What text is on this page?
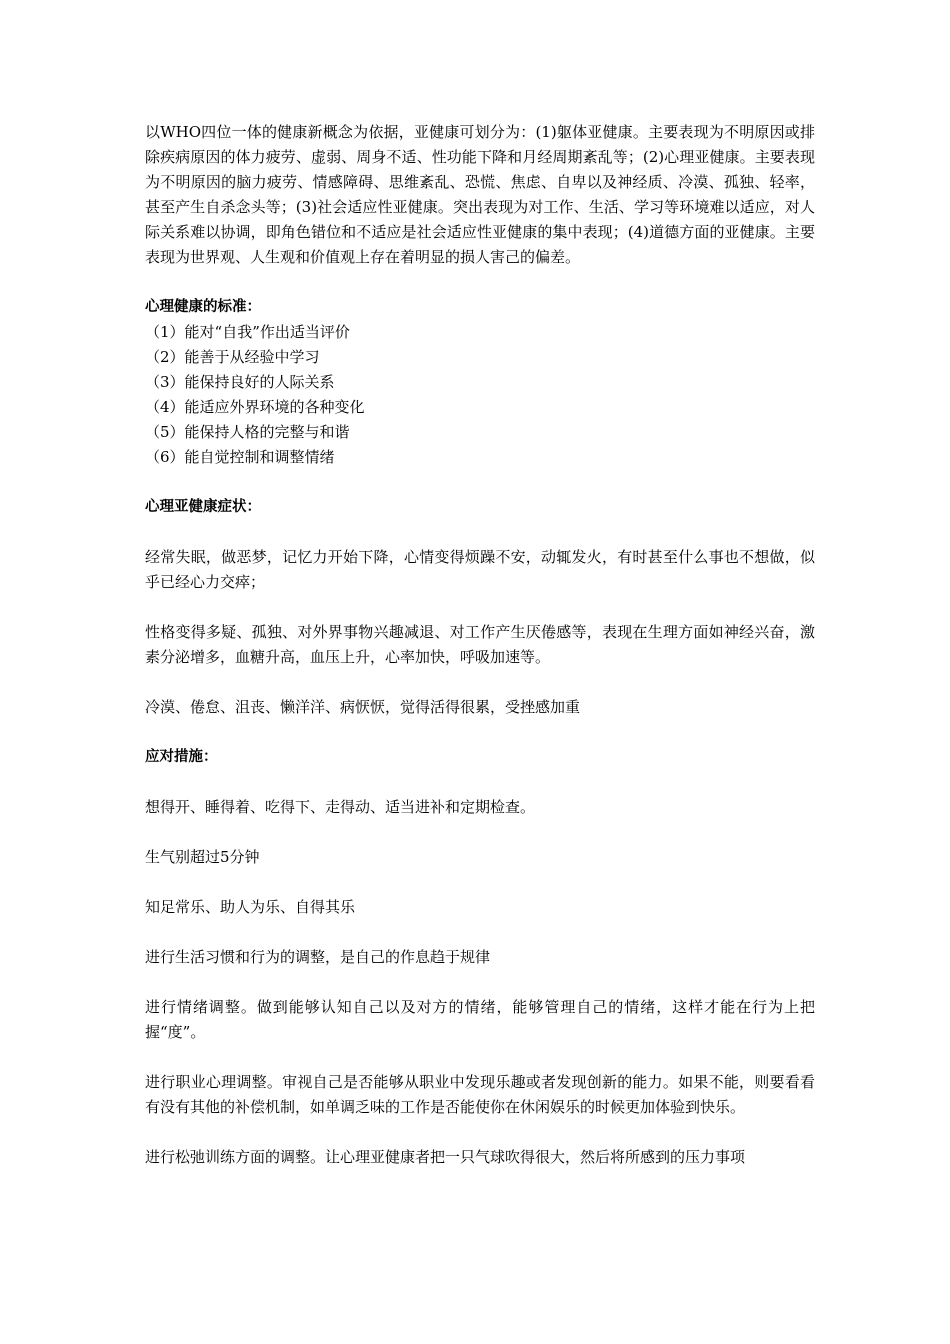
以WHO四位一体的健康新概念为依据，亚健康可划分为：(1)躯体亚健康。主要表现为不明原因或排除疾病原因的体力疲劳、虚弱、周身不适、性功能下降和月经周期紊乱等；(2)心理亚健康。主要表现为不明原因的脑力疲劳、情感障碍、思维紊乱、恐慌、焦虑、自卑以及神经质、冷漠、孤独、轻率，甚至产生自杀念头等；(3)社会适应性亚健康。突出表现为对工作、生活、学习等环境难以适应，对人际关系难以协调，即角色错位和不适应是社会适应性亚健康的集中表现；(4)道德方面的亚健康。主要表现为世界观、人生观和价值观上存在着明显的损人害己的偏差。

心理健康的标准：

（1）能对“自我”作出适当评价

（2）能善于从经验中学习

（3）能保持良好的人际关系

（4）能适应外界环境的各种变化

（5）能保持人格的完整与和谐

（6）能自觉控制和调整情绪

心理亚健康症状：

经常失眠，做恶梦，记忆力开始下降，心情变得烦躁不安，动辄发火，有时甚至什么事也不想做，似乎已经心力交瘁；

性格变得多疑、孤独、对外界事物兴趣减退、对工作产生厌倦感等，表现在生理方面如神经兴奋，激素分泌增多，血糖升高，血压上升，心率加快，呼吸加速等。

冷漠、倦怠、沮丧、懒洋洋、病恹恹，觉得活得很累，受挫感加重

应对措施：

想得开、睡得着、吃得下、走得动、适当进补和定期检查。

生气别超过5分钟

知足常乐、助人为乐、自得其乐

进行生活习惯和行为的调整，是自己的作息趋于规律

进行情绪调整。做到能够认知自己以及对方的情绪，能够管理自己的情绪，这样才能在行为上把握“度”。

进行职业心理调整。审视自己是否能够从职业中发现乐趣或者发现创新的能力。如果不能，则要看看有没有其他的补偿机制，如单调乏味的工作是否能使你在休闲娱乐的时候更加体验到快乐。

进行松弛训练方面的调整。让心理亚健康者把一只气球吹得很大，然后将所感到的压力事项
